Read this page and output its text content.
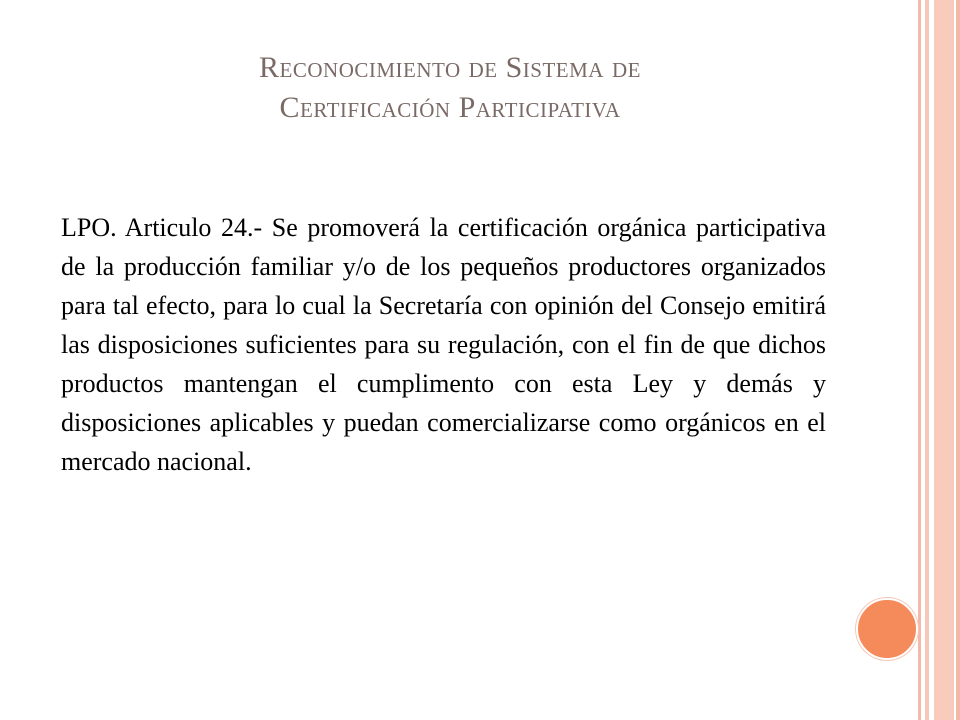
Reconocimiento de Sistema de
Certificación Participativa

LPO. Articulo 24.- Se promoverá la certificación orgánica participativa de la producción familiar y/o de los pequeños productores organizados para tal efecto, para lo cual la Secretaría con opinión del Consejo emitirá las disposiciones suficientes para su regulación, con el fin de que dichos productos mantengan el cumplimento con esta Ley y demás y disposiciones aplicables y puedan comercializarse como orgánicos en el mercado nacional.
